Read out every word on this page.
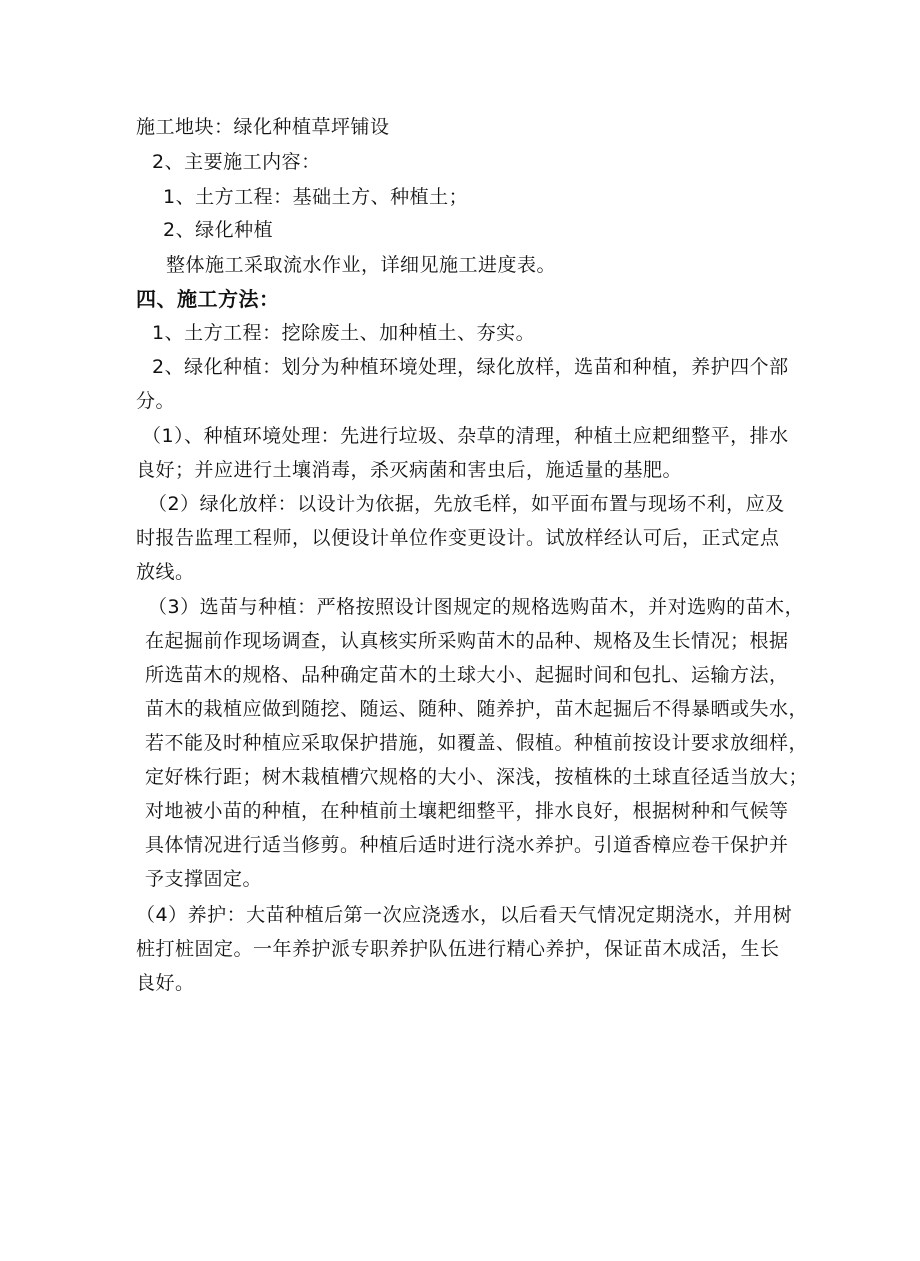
施工地块：绿化种植草坪铺设
2、主要施工内容：
1、土方工程：基础土方、种植土；
2、绿化种植
整体施工采取流水作业，详细见施工进度表。
四、施工方法：
1、土方工程：挖除废土、加种植土、夯实。
2、绿化种植：划分为种植环境处理，绿化放样，选苗和种植，养护四个部
分。
（1）、种植环境处理：先进行垃圾、杂草的清理，种植土应耙细整平，排水
良好；并应进行土壤消毒，杀灭病菌和害虫后，施适量的基肥。
（2）绿化放样：以设计为依据，先放毛样，如平面布置与现场不利，应及
时报告监理工程师，以便设计单位作变更设计。试放样经认可后，正式定点
放线。
（3）选苗与种植：严格按照设计图规定的规格选购苗木，并对选购的苗木，
在起掘前作现场调查，认真核实所采购苗木的品种、规格及生长情况；根据
所选苗木的规格、品种确定苗木的土球大小、起掘时间和包扎、运输方法，
苗木的栽植应做到随挖、随运、随种、随养护，苗木起掘后不得暴晒或失水，
若不能及时种植应采取保护措施，如覆盖、假植。种植前按设计要求放细样，
定好株行距；树木栽植槽穴规格的大小、深浅，按植株的土球直径适当放大；
对地被小苗的种植，在种植前土壤耙细整平，排水良好，根据树种和气候等
具体情况进行适当修剪。种植后适时进行浇水养护。引道香樟应卷干保护并
予支撑固定。
（4）养护：大苗种植后第一次应浇透水，以后看天气情况定期浇水，并用树
桩打桩固定。一年养护派专职养护队伍进行精心养护，保证苗木成活，生长
良好。
